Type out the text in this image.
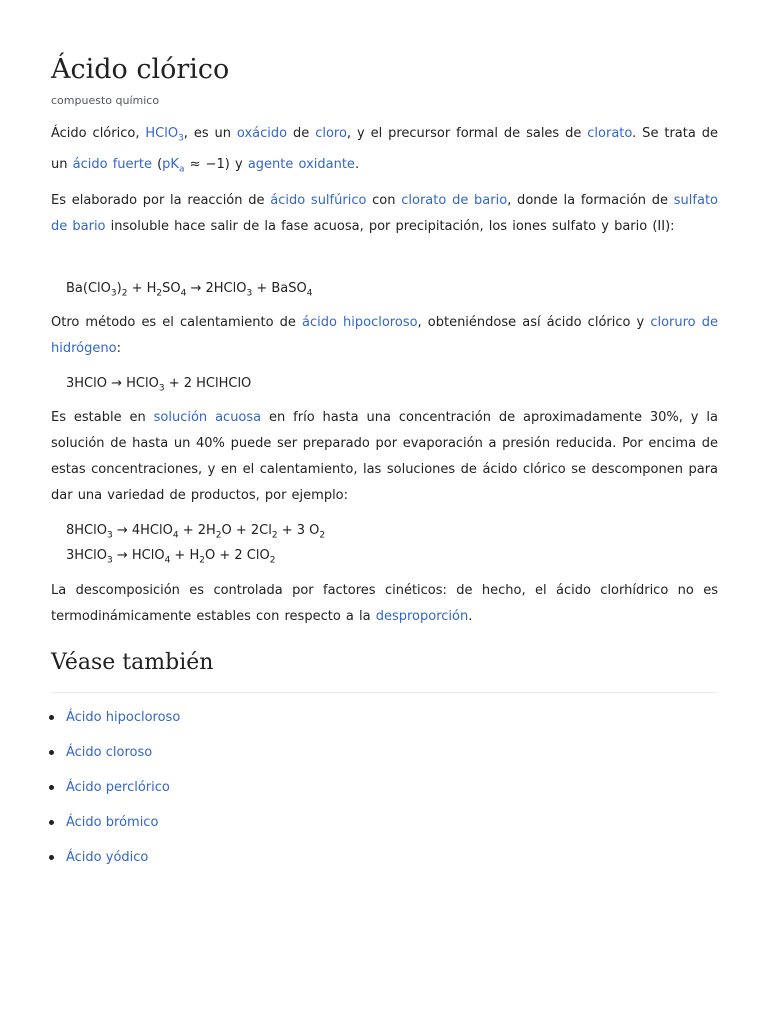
Ácido clórico
compuesto químico

Ácido clórico, HClO$_3$, es un oxácido de cloro, y el precursor formal de sales de clorato. Se trata de un ácido fuerte $(pK_a \approx -1)$ y agente oxidante.

Es elaborado por la reacción de ácido sulfúrico con clorato de bario, donde la formación de sulfato de bario insoluble hace salir de la fase acuosa, por precipitación, los iones sulfato y bario (II):

$Ba(ClO_3)_2 + H_2SO_4$ → 2HClO$_3$ + BaSO$_4$

Otro método es el calentamiento de ácido hipocloroso, obteniéndose así ácido clórico y cloruro de hidrógeno:

3HClO → HClO$_3$ + 2 HClHClO

Es estable en solución acuosa en frío hasta una concentración de aproximadamente 30%, y la solución de hasta un 40% puede ser preparado por evaporación a presión reducida. Por encima de estas concentraciones, y en el calentamiento, las soluciones de ácido clórico se descomponen para dar una variedad de productos, por ejemplo:

8HClO$_3$ → 4HClO$_4$ + $2H_2O + 2Cl_2 + 3$ $O_2$
3HClO$_3$ → HClO$_4$ + $H_2O + 2$ ClO$_2$

La descomposición es controlada por factores cinéticos: de hecho, el ácido clorhídrico no es termodinámicamente estables con respecto a la desproporción.

Véase también
Ácido hipocloroso
Ácido cloroso
Ácido perclórico
Ácido brómico
Ácido yódico
